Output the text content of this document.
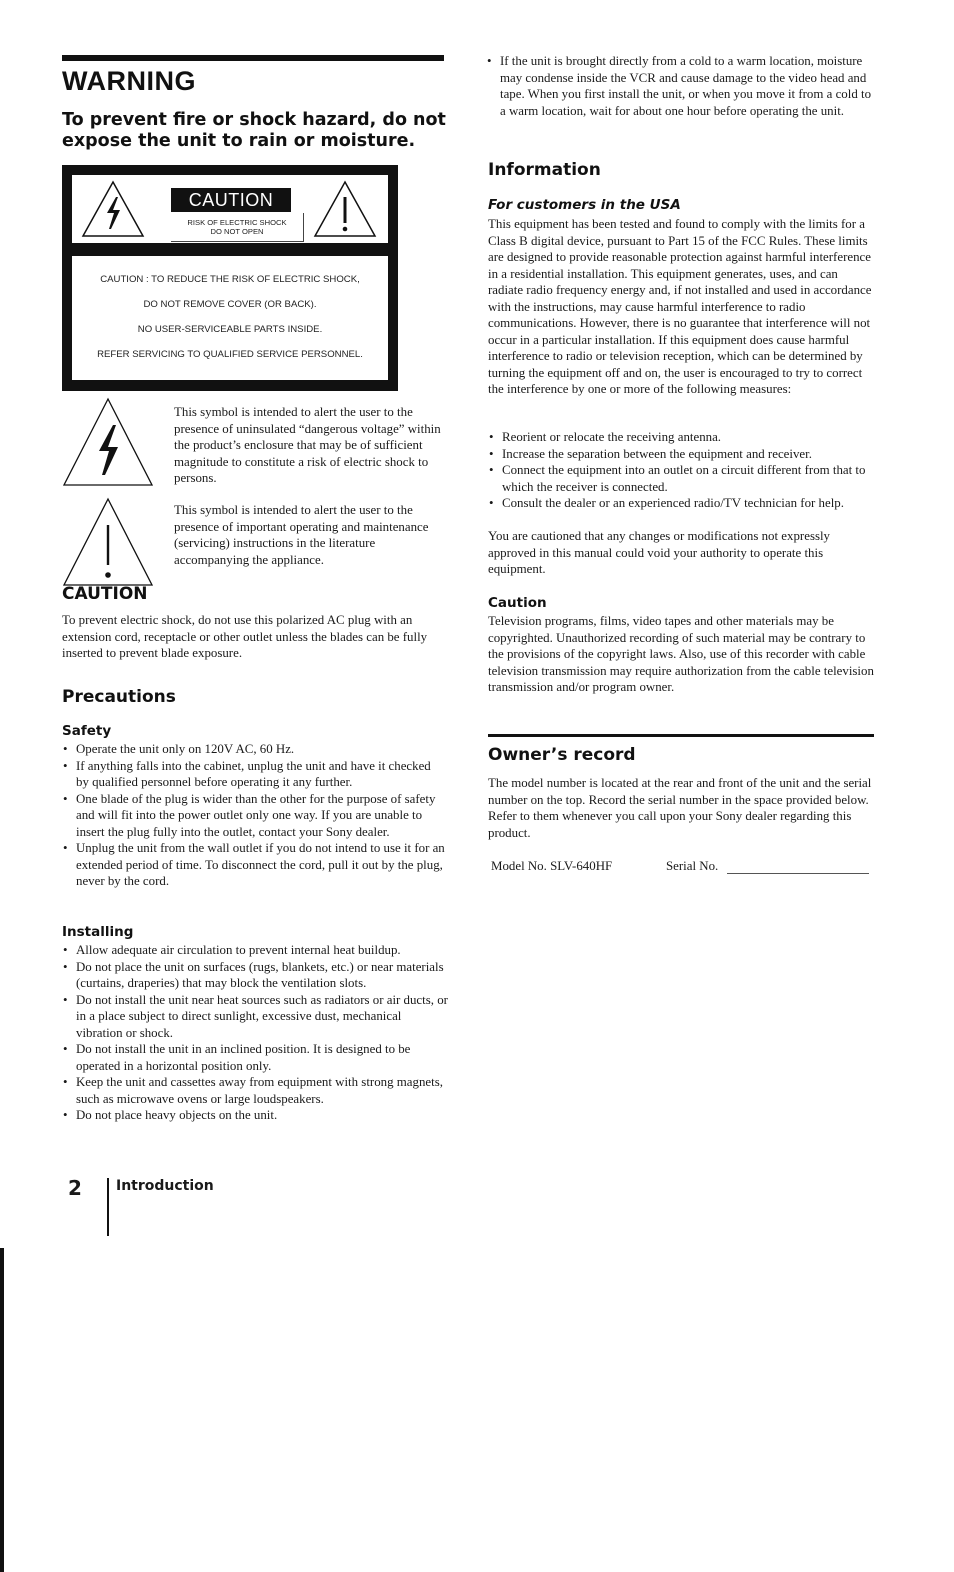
WARNING

To prevent fire or shock hazard, do not expose the unit to rain or moisture.

CAUTION
RISK OF ELECTRIC SHOCK
DO NOT OPEN
CAUTION : TO REDUCE THE RISK OF ELECTRIC SHOCK,
DO NOT REMOVE COVER (OR BACK).
NO USER-SERVICEABLE PARTS INSIDE.
REFER SERVICING TO QUALIFIED SERVICE PERSONNEL.

This symbol is intended to alert the user to the presence of uninsulated “dangerous voltage” within the product’s enclosure that may be of sufficient magnitude to constitute a risk of electric shock to persons.

This symbol is intended to alert the user to the presence of important operating and maintenance (servicing) instructions in the literature accompanying the appliance.

CAUTION

To prevent electric shock, do not use this polarized AC plug with an extension cord, receptacle or other outlet unless the blades can be fully inserted to prevent blade exposure.

Precautions
Safety
• Operate the unit only on 120V AC, 60 Hz.
• If anything falls into the cabinet, unplug the unit and have it checked by qualified personnel before operating it any further.
• One blade of the plug is wider than the other for the purpose of safety and will fit into the power outlet only one way. If you are unable to insert the plug fully into the outlet, contact your Sony dealer.
• Unplug the unit from the wall outlet if you do not intend to use it for an extended period of time. To disconnect the cord, pull it out by the plug, never by the cord.
Installing
• Allow adequate air circulation to prevent internal heat buildup.
• Do not place the unit on surfaces (rugs, blankets, etc.) or near materials (curtains, draperies) that may block the ventilation slots.
• Do not install the unit near heat sources such as radiators or air ducts, or in a place subject to direct sunlight, excessive dust, mechanical vibration or shock.
• Do not install the unit in an inclined position. It is designed to be operated in a horizontal position only.
• Keep the unit and cassettes away from equipment with strong magnets, such as microwave ovens or large loudspeakers.
• Do not place heavy objects on the unit.
2 Introduction
• If the unit is brought directly from a cold to a warm location, moisture may condense inside the VCR and cause damage to the video head and tape. When you first install the unit, or when you move it from a cold to a warm location, wait for about one hour before operating the unit.
Information
For customers in the USA

This equipment has been tested and found to comply with the limits for a Class B digital device, pursuant to Part 15 of the FCC Rules. These limits are designed to provide reasonable protection against harmful interference in a residential installation. This equipment generates, uses, and can radiate radio frequency energy and, if not installed and used in accordance with the instructions, may cause harmful interference to radio communications. However, there is no guarantee that interference will not occur in a particular installation. If this equipment does cause harmful interference to radio or television reception, which can be determined by turning the equipment off and on, the user is encouraged to try to correct the interference by one or more of the following measures:

• Reorient or relocate the receiving antenna.
• Increase the separation between the equipment and receiver.
• Connect the equipment into an outlet on a circuit different from that to which the receiver is connected.
• Consult the dealer or an experienced radio/TV technician for help.

You are cautioned that any changes or modifications not expressly approved in this manual could void your authority to operate this equipment.

Caution

Television programs, films, video tapes and other materials may be copyrighted. Unauthorized recording of such material may be contrary to the provisions of the copyright laws. Also, use of this recorder with cable television transmission may require authorization from the cable television transmission and/or program owner.

Owner’s record

The model number is located at the rear and front of the unit and the serial number on the top. Record the serial number in the space provided below. Refer to them whenever you call upon your Sony dealer regarding this product.

Model No. SLV-640HF	Serial No.
